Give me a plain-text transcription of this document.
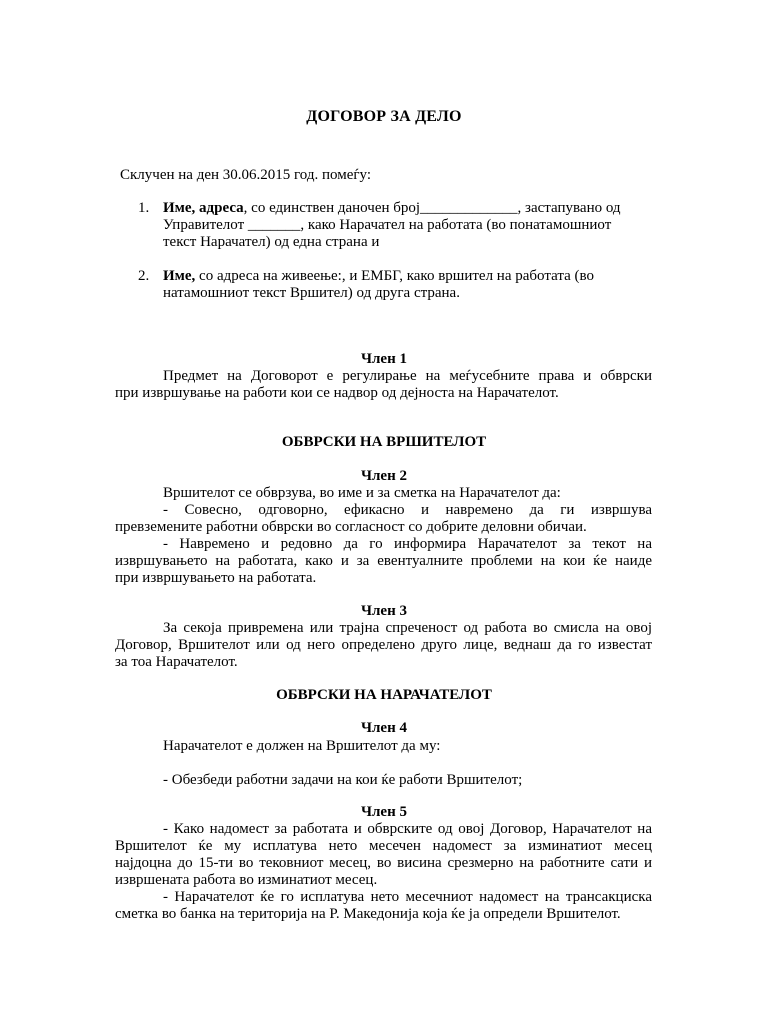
ДОГОВОР ЗА ДЕЛО
Склучен на ден 30.06.2015 год. помеѓу:
1. Име, адреса, со единствен даночен број_____________, застапувано од
Управителот _______, како Нарачател на работата (во понатамошниот
текст Нарачател) од една страна и
2. Име, со адреса на живеење:, и ЕМБГ, како вршител на работата (во
натамошниот текст Вршител) од друга страна.
Член 1
Предмет на Договорот е регулирање на меѓусебните права и обврски
при извршување на работи кои се надвор од дејноста на Нарачателот.
ОБВРСКИ НА ВРШИТЕЛОТ
Член 2
Вршителот се обврзува, во име и за сметка на Нарачателот да:
- Совесно, одговорно, ефикасно и навремено да ги извршува
превземените работни обврски во согласност со добрите деловни обичаи.
- Навремено и редовно да го информира Нарачателот за текот на
извршувањето на работата, како и за евентуалните проблеми на кои ќе наиде
при извршувањето на работата.
Член 3
За секоја привремена или трајна спреченост од работа во смисла на овој
Договор, Вршителот или од него определено друго лице, веднаш да го известат
за тоа Нарачателот.
ОБВРСКИ НА НАРАЧАТЕЛОТ
Член 4
Нарачателот е должен на Вршителот да му:
- Обезбеди работни задачи на кои ќе работи Вршителот;
Член 5
- Како надомест за работата и обврските од овој Договор, Нарачателот на
Вршителот ќе му исплатува нето месечен надомест за изминатиот месец
најдоцна до 15-ти во тековниот месец, во висина срезмерно на работните сати и
извршената работа во изминатиот месец.
- Нарачателот ќе го исплатува нето месечниот надомест на трансакциска
сметка во банка на територија на Р. Македонија која ќе ја определи Вршителот.
